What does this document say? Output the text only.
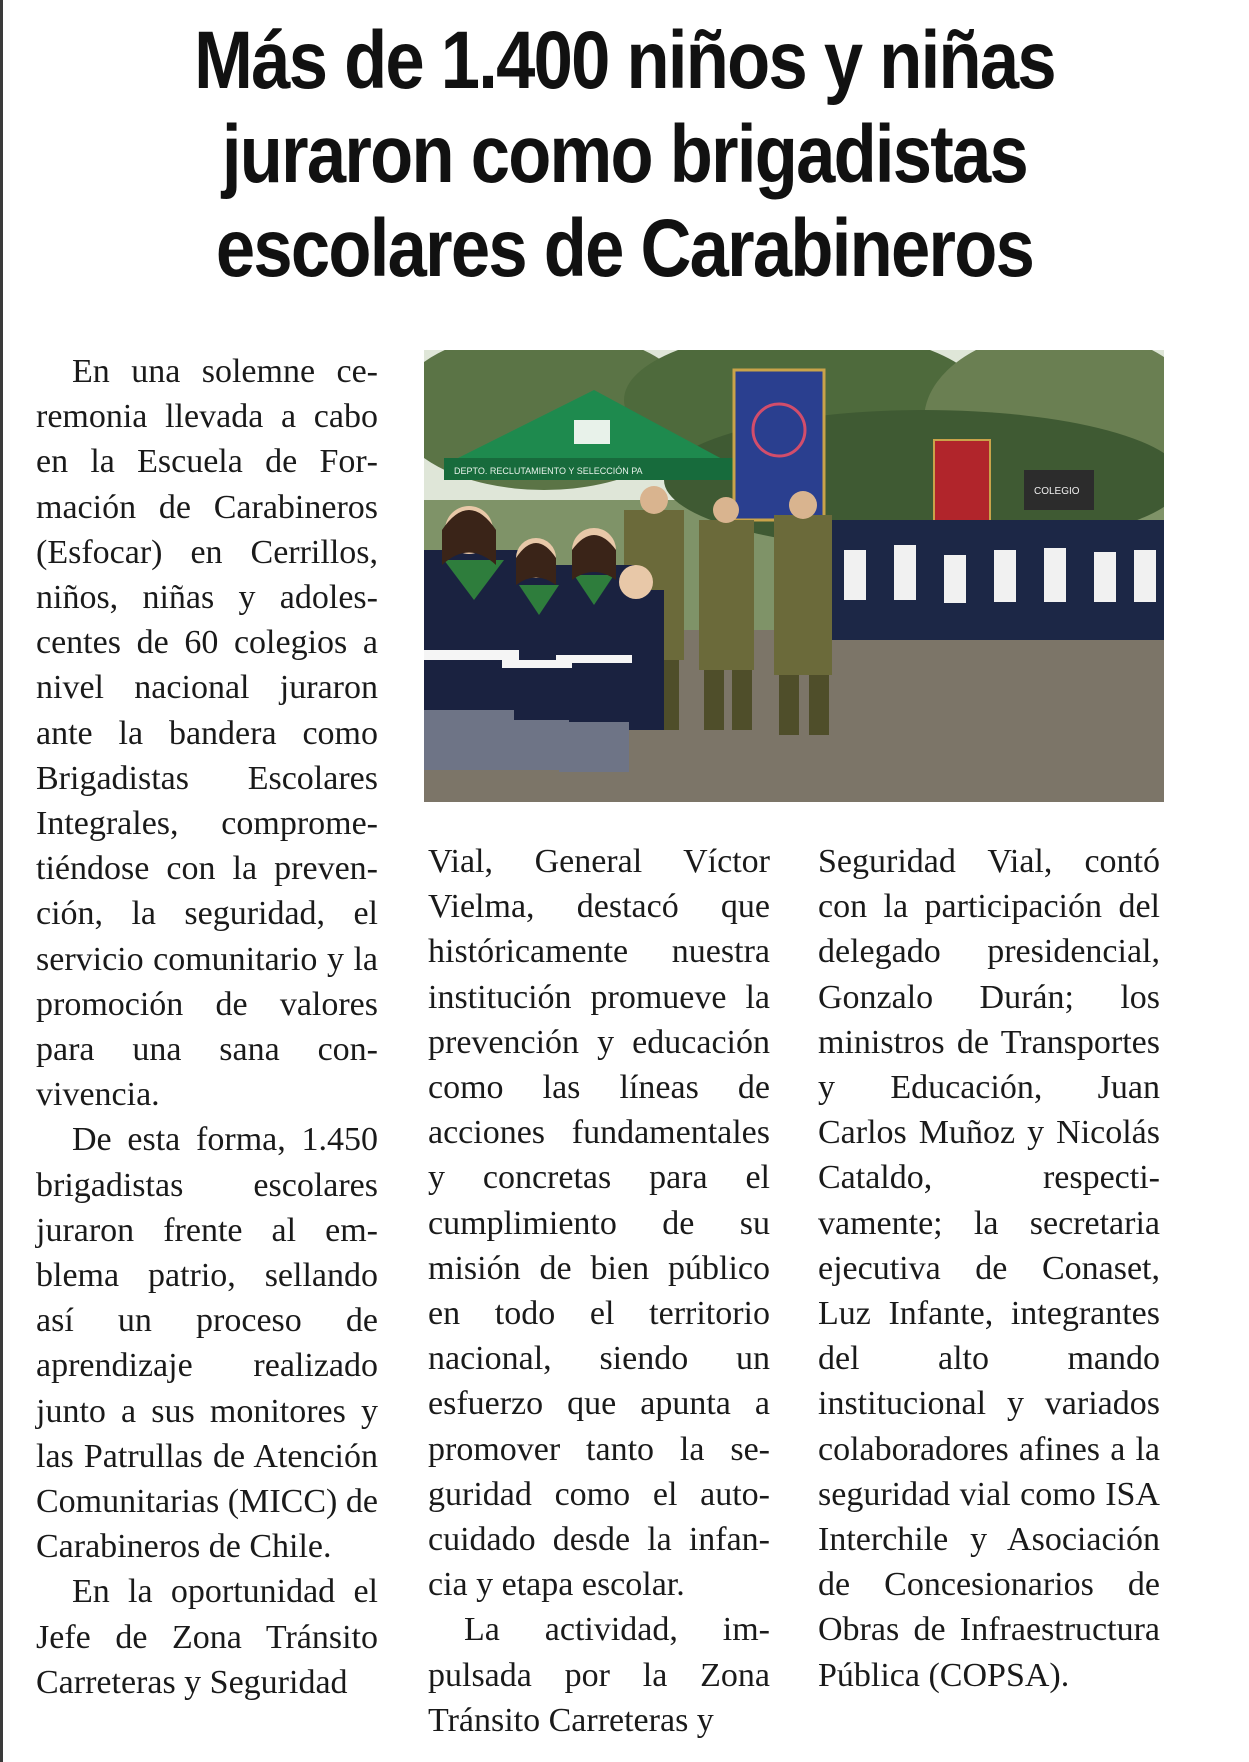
Más de 1.400 niños y niñas
juraron como brigadistas
escolares de Carabineros

En una solemne ceremonia llevada a cabo en la Escuela de Formación de Carabineros (Esfocar) en Cerrillos, niños, niñas y adolescentes de 60 colegios a nivel nacional juraron ante la bandera como Brigadistas Escolares Integrales, comprometiéndose con la prevención, la seguridad, el servicio comunitario y la promoción de valores para una sana convivencia.

De esta forma, 1.450 brigadistas escolares juraron frente al emblema patrio, sellando así un proceso de aprendizaje realizado junto a sus monitores y las Patrullas de Atención Comunitarias (MICC) de Carabineros de Chile.

En la oportunidad el Jefe de Zona Tránsito Carreteras y Seguridad

DEPTO. RECLUTAMIENTO Y SELECCIÓN PA
COLEGIO

Vial, General Víctor Vielma, destacó que históricamente nuestra institución promueve la prevención y educación como las líneas de acciones fundamentales y concretas para el cumplimiento de su misión de bien público en todo el territorio nacional, siendo un esfuerzo que apunta a promover tanto la seguridad como el autocuidado desde la infancia y etapa escolar.

La actividad, impulsada por la Zona Tránsito Carreteras y

Seguridad Vial, contó con la participación del delegado presidencial, Gonzalo Durán; los ministros de Transportes y Educación, Juan Carlos Muñoz y Nicolás Cataldo, respectivamente; la secretaria ejecutiva de Conaset, Luz Infante, integrantes del alto mando institucional y variados colaboradores afines a la seguridad vial como ISA Interchile y Asociación de Concesionarios de Obras de Infraestructura Pública (COPSA).
